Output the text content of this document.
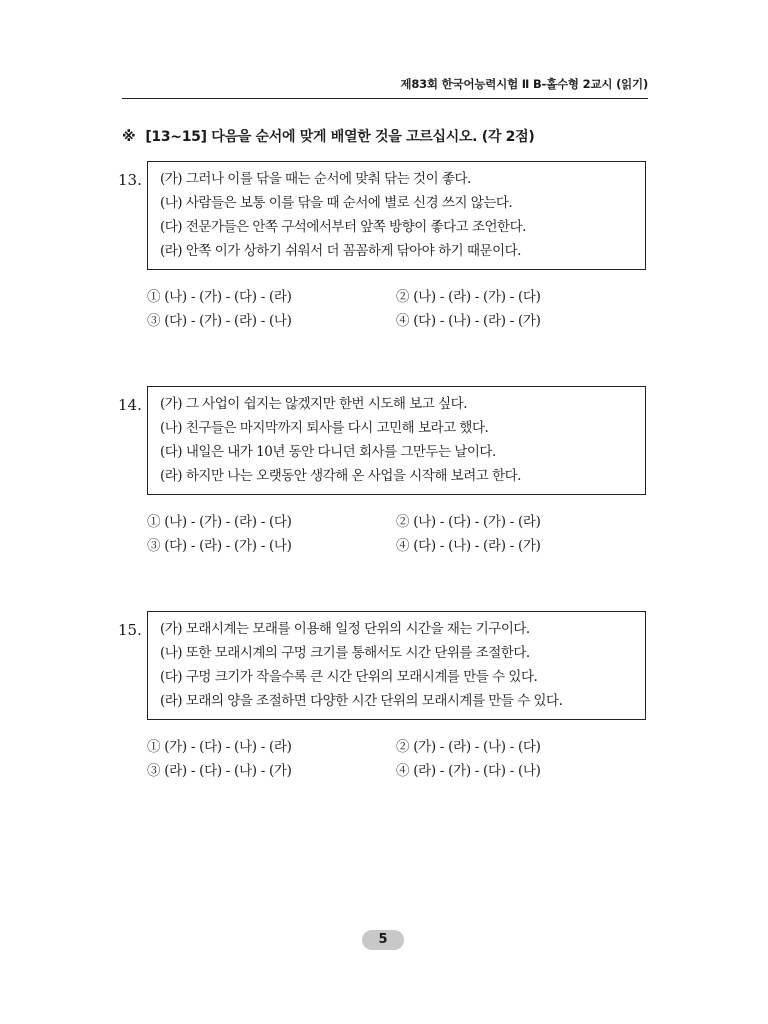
제83회 한국어능력시험 Ⅱ B-홀수형 2교시 (읽기)
※ [13~15] 다음을 순서에 맞게 배열한 것을 고르십시오. (각 2점)
13. (가) 그러나 이를 닦을 때는 순서에 맞춰 닦는 것이 좋다.
(나) 사람들은 보통 이를 닦을 때 순서에 별로 신경 쓰지 않는다.
(다) 전문가들은 안쪽 구석에서부터 앞쪽 방향이 좋다고 조언한다.
(라) 안쪽 이가 상하기 쉬워서 더 꼼꼼하게 닦아야 하기 때문이다.
① (나) - (가) - (다) - (라)	② (나) - (라) - (가) - (다)
③ (다) - (가) - (라) - (나)	④ (다) - (나) - (라) - (가)
14. (가) 그 사업이 쉽지는 않겠지만 한번 시도해 보고 싶다.
(나) 친구들은 마지막까지 퇴사를 다시 고민해 보라고 했다.
(다) 내일은 내가 10년 동안 다니던 회사를 그만두는 날이다.
(라) 하지만 나는 오랫동안 생각해 온 사업을 시작해 보려고 한다.
① (나) - (가) - (라) - (다)	② (나) - (다) - (가) - (라)
③ (다) - (라) - (가) - (나)	④ (다) - (나) - (라) - (가)
15. (가) 모래시계는 모래를 이용해 일정 단위의 시간을 재는 기구이다.
(나) 또한 모래시계의 구멍 크기를 통해서도 시간 단위를 조절한다.
(다) 구멍 크기가 작을수록 큰 시간 단위의 모래시계를 만들 수 있다.
(라) 모래의 양을 조절하면 다양한 시간 단위의 모래시계를 만들 수 있다.
① (가) - (다) - (나) - (라)	② (가) - (라) - (나) - (다)
③ (라) - (다) - (나) - (가)	④ (라) - (가) - (다) - (나)
5
